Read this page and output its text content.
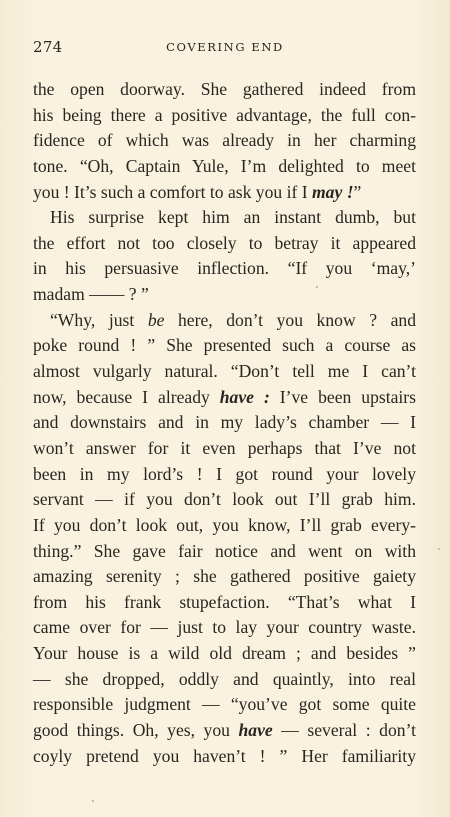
274	COVERING END
the open doorway. She gathered indeed from
his being there a positive advantage, the full con-
fidence of which was already in her charming
tone. “Oh, Captain Yule, I’m delighted to meet
you ! It’s such a comfort to ask you if I may !”
His surprise kept him an instant dumb, but
the effort not too closely to betray it appeared
in his persuasive inflection. “If you ‘may,’
madam —— ? ”
“Why, just be here, don’t you know ? and
poke round ! ” She presented such a course as
almost vulgarly natural. “Don’t tell me I can’t
now, because I already have : I’ve been upstairs
and downstairs and in my lady’s chamber — I
won’t answer for it even perhaps that I’ve not
been in my lord’s ! I got round your lovely
servant — if you don’t look out I’ll grab him.
If you don’t look out, you know, I’ll grab every-
thing.” She gave fair notice and went on with
amazing serenity ; she gathered positive gaiety
from his frank stupefaction. “That’s what I
came over for — just to lay your country waste.
Your house is a wild old dream ; and besides ”
— she dropped, oddly and quaintly, into real
responsible judgment — “you’ve got some quite
good things. Oh, yes, you have — several : don’t
coyly pretend you haven’t ! ” Her familiarity
